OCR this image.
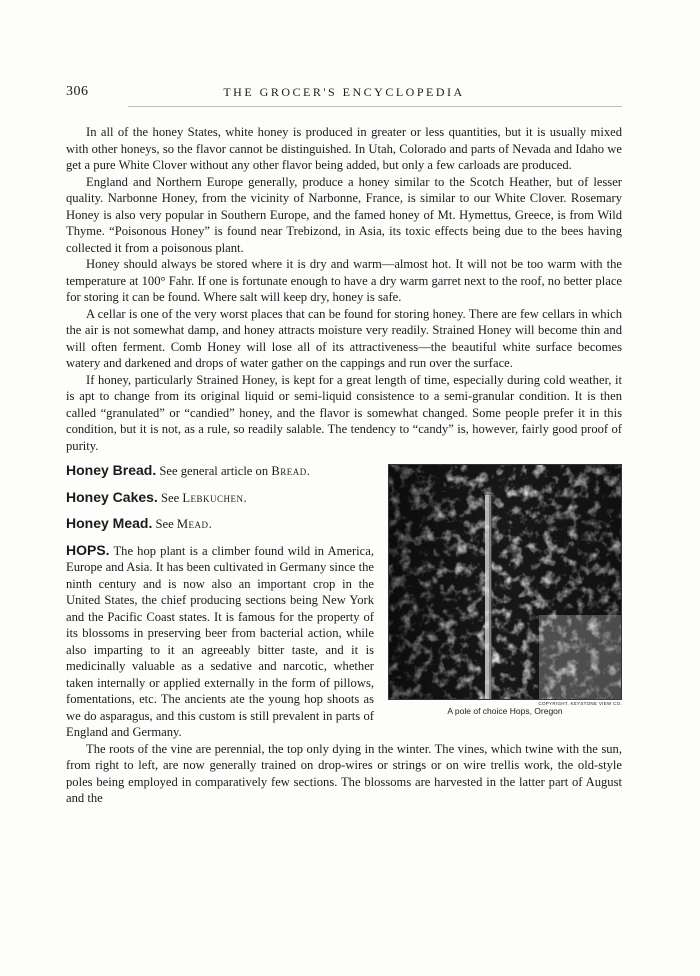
306	THE GROCER'S ENCYCLOPEDIA

In all of the honey States, white honey is produced in greater or less quantities, but it is usually mixed with other honeys, so the flavor cannot be distinguished. In Utah, Colorado and parts of Nevada and Idaho we get a pure White Clover without any other flavor being added, but only a few carloads are produced.

England and Northern Europe generally, produce a honey similar to the Scotch Heather, but of lesser quality. Narbonne Honey, from the vicinity of Narbonne, France, is similar to our White Clover. Rosemary Honey is also very popular in Southern Europe, and the famed honey of Mt. Hymettus, Greece, is from Wild Thyme. “Poisonous Honey” is found near Trebizond, in Asia, its toxic effects being due to the bees having collected it from a poisonous plant.

Honey should always be stored where it is dry and warm—almost hot. It will not be too warm with the temperature at 100° Fahr. If one is fortunate enough to have a dry warm garret next to the roof, no better place for storing it can be found. Where salt will keep dry, honey is safe.

A cellar is one of the very worst places that can be found for storing honey. There are few cellars in which the air is not somewhat damp, and honey attracts moisture very readily. Strained Honey will become thin and will often ferment. Comb Honey will lose all of its attractiveness—the beautiful white surface becomes watery and darkened and drops of water gather on the cappings and run over the surface.

If honey, particularly Strained Honey, is kept for a great length of time, especially during cold weather, it is apt to change from its original liquid or semi-liquid consistence to a semi-granular condition. It is then called “granulated” or “candied” honey, and the flavor is somewhat changed. Some people prefer it in this condition, but it is not, as a rule, so readily salable. The tendency to “candy” is, however, fairly good proof of purity.

COPYRIGHT, KEYSTONE VIEW CO.
A pole of choice Hops, Oregon
Honey Bread. See general article on Bread.
Honey Cakes. See Lebkuchen.
Honey Mead. See Mead.

HOPS. The hop plant is a climber found wild in America, Europe and Asia. It has been cultivated in Germany since the ninth century and is now also an important crop in the United States, the chief producing sections being New York and the Pacific Coast states. It is famous for the property of its blossoms in preserving beer from bacterial action, while also imparting to it an agreeably bitter taste, and it is medicinally valuable as a sedative and narcotic, whether taken internally or applied externally in the form of pillows, fomentations, etc. The ancients ate the young hop shoots as we do asparagus, and this custom is still prevalent in parts of England and Germany.

The roots of the vine are perennial, the top only dying in the winter. The vines, which twine with the sun, from right to left, are now generally trained on drop-wires or strings or on wire trellis work, the old-style poles being employed in comparatively few sections. The blossoms are harvested in the latter part of August and the
